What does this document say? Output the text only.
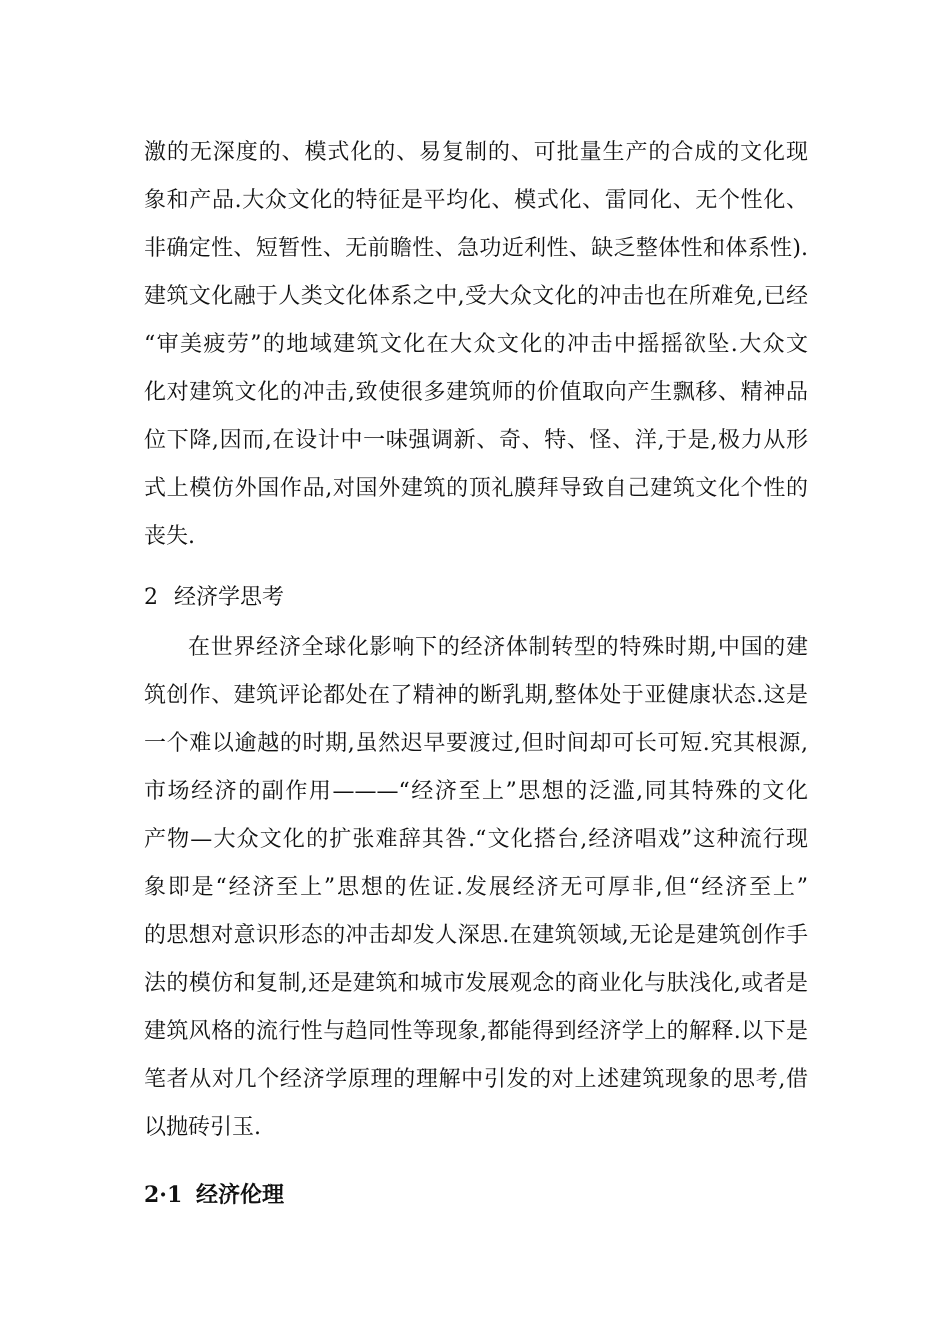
激的无深度的、模式化的、易复制的、可批量生产的合成的文化现
象和产品.大众文化的特征是平均化、模式化、雷同化、无个性化、
非确定性、短暂性、无前瞻性、急功近利性、缺乏整体性和体系性).
建筑文化融于人类文化体系之中,受大众文化的冲击也在所难免,已经
“审美疲劳”的地域建筑文化在大众文化的冲击中摇摇欲坠.大众文
化对建筑文化的冲击,致使很多建筑师的价值取向产生飘移、精神品
位下降,因而,在设计中一味强调新、奇、特、怪、洋,于是,极力从形
式上模仿外国作品,对国外建筑的顶礼膜拜导致自己建筑文化个性的
丧失.
2 经济学思考
在世界经济全球化影响下的经济体制转型的特殊时期,中国的建
筑创作、建筑评论都处在了精神的断乳期,整体处于亚健康状态.这是
一个难以逾越的时期,虽然迟早要渡过,但时间却可长可短.究其根源,
市场经济的副作用———“经济至上”思想的泛滥,同其特殊的文化
产物—大众文化的扩张难辞其咎.“文化搭台,经济唱戏”这种流行现
象即是“经济至上”思想的佐证.发展经济无可厚非,但“经济至上”
的思想对意识形态的冲击却发人深思.在建筑领域,无论是建筑创作手
法的模仿和复制,还是建筑和城市发展观念的商业化与肤浅化,或者是
建筑风格的流行性与趋同性等现象,都能得到经济学上的解释.以下是
笔者从对几个经济学原理的理解中引发的对上述建筑现象的思考,借
以抛砖引玉.
2·1 经济伦理
